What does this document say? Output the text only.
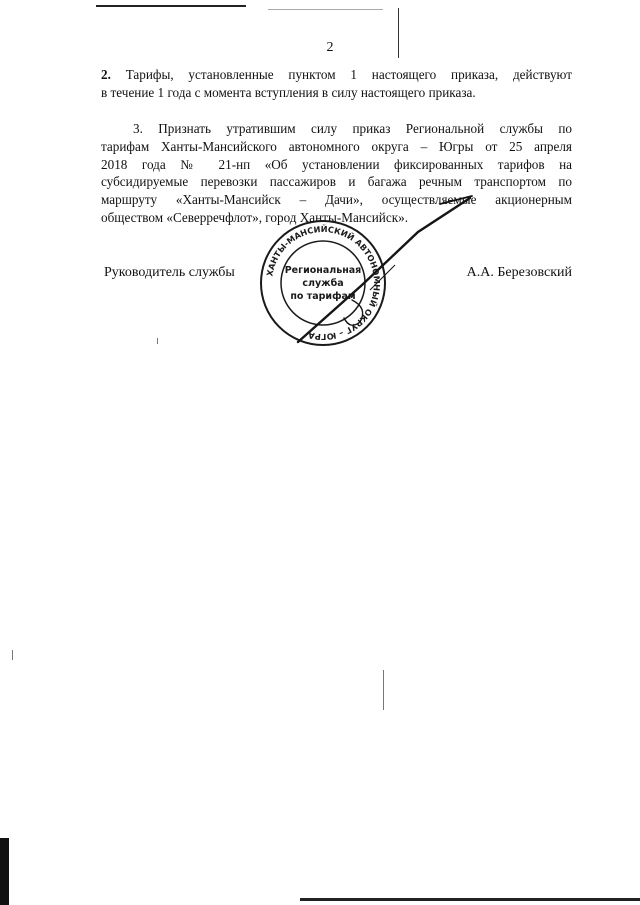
2

2. Тарифы, установленные пунктом 1 настоящего приказа, действуют
в течение 1 года с момента вступления в силу настоящего приказа.

3. Признать утратившим силу приказ Региональной службы по
тарифам Ханты-Мансийского автономного округа – Югры от 25 апреля
2018 года № 21-нп «Об установлении фиксированных тарифов на
субсидируемые перевозки пассажиров и багажа речным транспортом по
маршруту «Ханты-Мансийск – Дачи», осуществляемые акционерным
обществом «Северречфлот», город Ханты-Мансийск».

Руководитель службы	А.А. Березовский
ХАНТЫ-МАНСИЙСКИЙ АВТОНОМНЫЙ ОКРУГ – ЮГРА
Региональная
служба
по тарифам
